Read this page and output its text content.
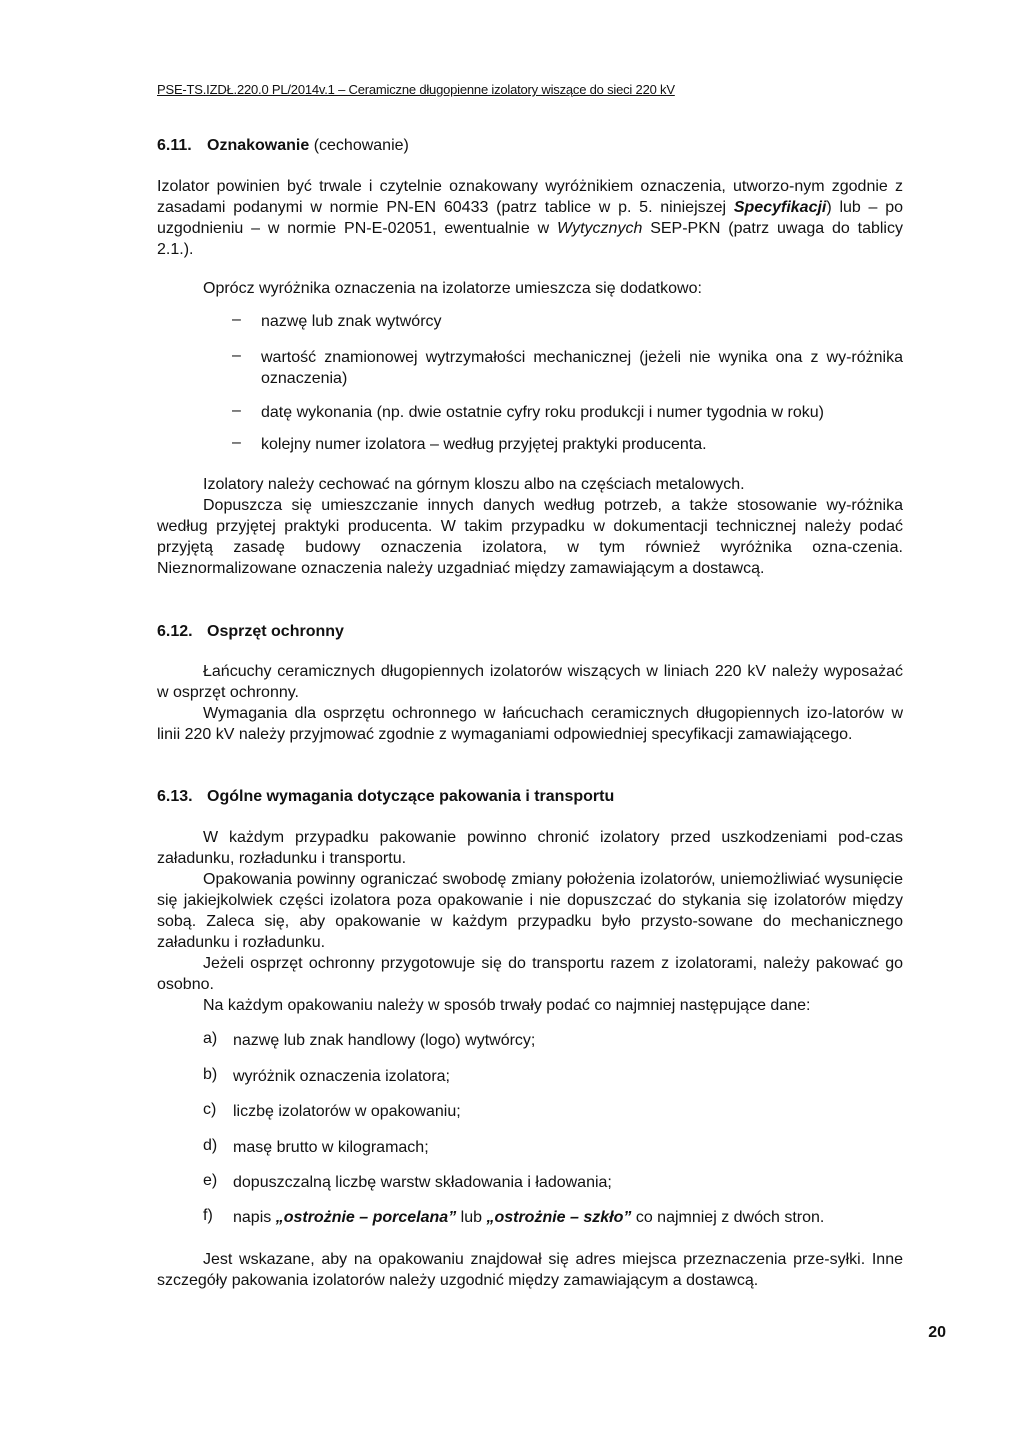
PSE-TS.IZDŁ.220.0 PL/2014v.1 – Ceramiczne długopienne izolatory wiszące do sieci 220 kV
6.11. Oznakowanie (cechowanie)
Izolator powinien być trwale i czytelnie oznakowany wyróżnikiem oznaczenia, utworzo-nym zgodnie z zasadami podanymi w normie PN-EN 60433 (patrz tablice w p. 5. niniejszej Specyfikacji) lub – po uzgodnieniu – w normie PN-E-02051, ewentualnie w Wytycznych SEP-PKN (patrz uwaga do tablicy 2.1.).
Oprócz wyróżnika oznaczenia na izolatorze umieszcza się dodatkowo:
– nazwę lub znak wytwórcy
– wartość znamionowej wytrzymałości mechanicznej (jeżeli nie wynika ona z wy-różnika oznaczenia)
– datę wykonania (np. dwie ostatnie cyfry roku produkcji i numer tygodnia w roku)
– kolejny numer izolatora – według przyjętej praktyki producenta.
Izolatory należy cechować na górnym kloszu albo na częściach metalowych.
Dopuszcza się umieszczanie innych danych według potrzeb, a także stosowanie wy-różnika według przyjętej praktyki producenta. W takim przypadku w dokumentacji technicznej należy podać przyjętą zasadę budowy oznaczenia izolatora, w tym również wyróżnika ozna-czenia. Nieznormalizowane oznaczenia należy uzgadniać między zamawiającym a dostawcą.
6.12. Osprzęt ochronny
Łańcuchy ceramicznych długopiennych izolatorów wiszących w liniach 220 kV należy wyposażać w osprzęt ochronny.
Wymagania dla osprzętu ochronnego w łańcuchach ceramicznych długopiennych izo-latorów w linii 220 kV należy przyjmować zgodnie z wymaganiami odpowiedniej specyfikacji zamawiającego.
6.13. Ogólne wymagania dotyczące pakowania i transportu
W każdym przypadku pakowanie powinno chronić izolatory przed uszkodzeniami pod-czas załadunku, rozładunku i transportu.
Opakowania powinny ograniczać swobodę zmiany położenia izolatorów, uniemożliwiać wysunięcie się jakiejkolwiek części izolatora poza opakowanie i nie dopuszczać do stykania się izolatorów między sobą. Zaleca się, aby opakowanie w każdym przypadku było przysto-sowane do mechanicznego załadunku i rozładunku.
Jeżeli osprzęt ochronny przygotowuje się do transportu razem z izolatorami, należy pakować go osobno.
Na każdym opakowaniu należy w sposób trwały podać co najmniej następujące dane:
a) nazwę lub znak handlowy (logo) wytwórcy;
b) wyróżnik oznaczenia izolatora;
c) liczbę izolatorów w opakowaniu;
d) masę brutto w kilogramach;
e) dopuszczalną liczbę warstw składowania i ładowania;
f) napis „ostrożnie – porcelana” lub „ostrożnie – szkło” co najmniej z dwóch stron.
Jest wskazane, aby na opakowaniu znajdował się adres miejsca przeznaczenia prze-syłki. Inne szczegóły pakowania izolatorów należy uzgodnić między zamawiającym a dostawcą.
20
